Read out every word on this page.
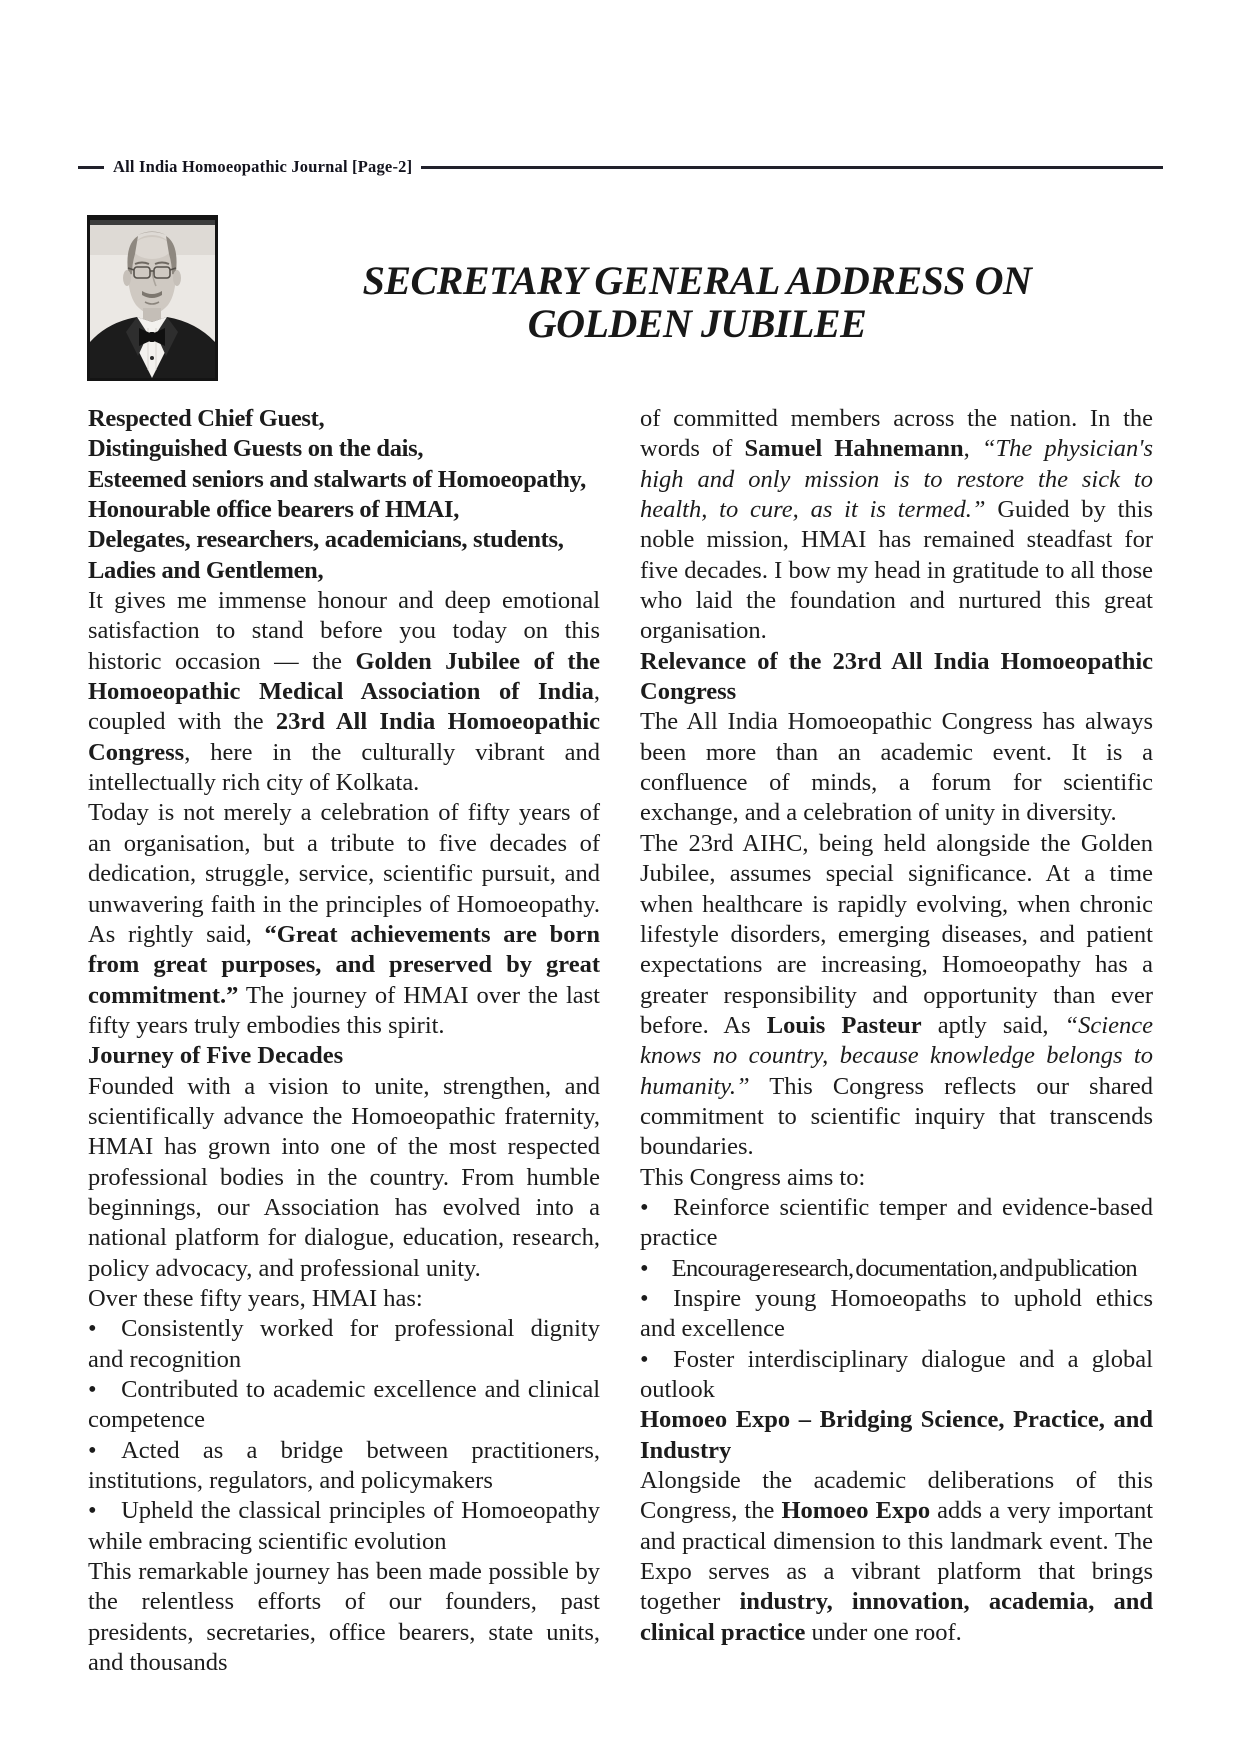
All India Homoeopathic Journal [Page-2]
SECRETARY GENERAL ADDRESS ON
GOLDEN JUBILEE
Respected Chief Guest,
Distinguished Guests on the dais,
Esteemed seniors and stalwarts of Homoeopathy,
Honourable office bearers of HMAI,
Delegates, researchers, academicians, students,
Ladies and Gentlemen,
It gives me immense honour and deep emotional satisfaction to stand before you today on this historic occasion — the Golden Jubilee of the Homoeopathic Medical Association of India, coupled with the 23rd All India Homoeopathic Congress, here in the culturally vibrant and intellectually rich city of Kolkata.
Today is not merely a celebration of fifty years of an organisation, but a tribute to five decades of dedication, struggle, service, scientific pursuit, and unwavering faith in the principles of Homoeopathy. As rightly said, “Great achievements are born from great purposes, and preserved by great commitment.” The journey of HMAI over the last fifty years truly embodies this spirit.
Journey of Five Decades
Founded with a vision to unite, strengthen, and scientifically advance the Homoeopathic fraternity, HMAI has grown into one of the most respected professional bodies in the country. From humble beginnings, our Association has evolved into a national platform for dialogue, education, research, policy advocacy, and professional unity.
Over these fifty years, HMAI has:
• Consistently worked for professional dignity and recognition
• Contributed to academic excellence and clinical competence
• Acted as a bridge between practitioners, institutions, regulators, and policymakers
• Upheld the classical principles of Homoeopathy while embracing scientific evolution
This remarkable journey has been made possible by the relentless efforts of our founders, past presidents, secretaries, office bearers, state units, and thousands
of committed members across the nation. In the words of Samuel Hahnemann, “The physician's high and only mission is to restore the sick to health, to cure, as it is termed.” Guided by this noble mission, HMAI has remained steadfast for five decades. I bow my head in gratitude to all those who laid the foundation and nurtured this great organisation.
Relevance of the 23rd All India Homoeopathic Congress
The All India Homoeopathic Congress has always been more than an academic event. It is a confluence of minds, a forum for scientific exchange, and a celebration of unity in diversity.
The 23rd AIHC, being held alongside the Golden Jubilee, assumes special significance. At a time when healthcare is rapidly evolving, when chronic lifestyle disorders, emerging diseases, and patient expectations are increasing, Homoeopathy has a greater responsibility and opportunity than ever before. As Louis Pasteur aptly said, “Science knows no country, because knowledge belongs to humanity.” This Congress reflects our shared commitment to scientific inquiry that transcends boundaries.
This Congress aims to:
• Reinforce scientific temper and evidence-based practice
• Encourage research, documentation, and publication
• Inspire young Homoeopaths to uphold ethics and excellence
• Foster interdisciplinary dialogue and a global outlook
Homoeo Expo – Bridging Science, Practice, and Industry
Alongside the academic deliberations of this Congress, the Homoeo Expo adds a very important and practical dimension to this landmark event. The Expo serves as a vibrant platform that brings together industry, innovation, academia, and clinical practice under one roof.
